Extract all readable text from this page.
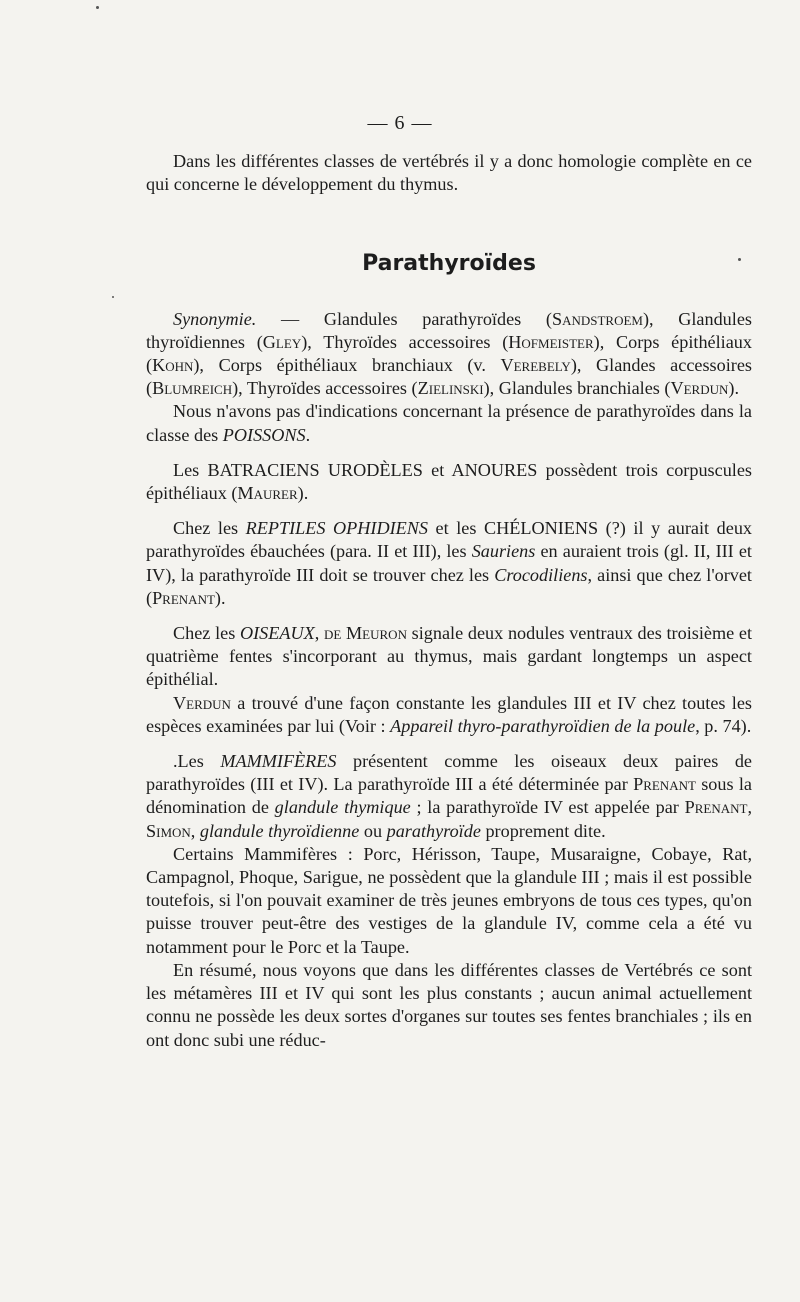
— 6 —

Dans les différentes classes de vertébrés il y a donc homologie complète en ce qui concerne le développement du thymus.

Parathyroïdes

Synonymie. — Glandules parathyroïdes (Sandstroem), Glandules thyroïdiennes (Gley), Thyroïdes accessoires (Hofmeister), Corps épithéliaux (Kohn), Corps épithéliaux branchiaux (v. Verebely), Glandes accessoires (Blumreich), Thyroïdes accessoires (Zielinski), Glandules branchiales (Verdun).

Nous n'avons pas d'indications concernant la présence de parathyroïdes dans la classe des POISSONS.

Les BATRACIENS URODÈLES et ANOURES possèdent trois corpuscules épithéliaux (Maurer).

Chez les REPTILES OPHIDIENS et les CHÉLONIENS (?) il y aurait deux parathyroïdes ébauchées (para. II et III), les Sauriens en auraient trois (gl. II, III et IV), la parathyroïde III doit se trouver chez les Crocodiliens, ainsi que chez l'orvet (Prenant).

Chez les OISEAUX, de Meuron signale deux nodules ventraux des troisième et quatrième fentes s'incorporant au thymus, mais gardant longtemps un aspect épithélial.

Verdun a trouvé d'une façon constante les glandules III et IV chez toutes les espèces examinées par lui (Voir : Appareil thyro-parathyroïdien de la poule, p. 74).

.Les MAMMIFÈRES présentent comme les oiseaux deux paires de parathyroïdes (III et IV). La parathyroïde III a été déterminée par Prenant sous la dénomination de glandule thymique ; la parathyroïde IV est appelée par Prenant, Simon, glandule thyroïdienne ou parathyroïde proprement dite.

Certains Mammifères : Porc, Hérisson, Taupe, Musaraigne, Cobaye, Rat, Campagnol, Phoque, Sarigue, ne possèdent que la glandule III ; mais il est possible toutefois, si l'on pouvait examiner de très jeunes embryons de tous ces types, qu'on puisse trouver peut-être des vestiges de la glandule IV, comme cela a été vu notamment pour le Porc et la Taupe.

En résumé, nous voyons que dans les différentes classes de Vertébrés ce sont les métamères III et IV qui sont les plus constants ; aucun animal actuellement connu ne possède les deux sortes d'organes sur toutes ses fentes branchiales ; ils en ont donc subi une réduc-
